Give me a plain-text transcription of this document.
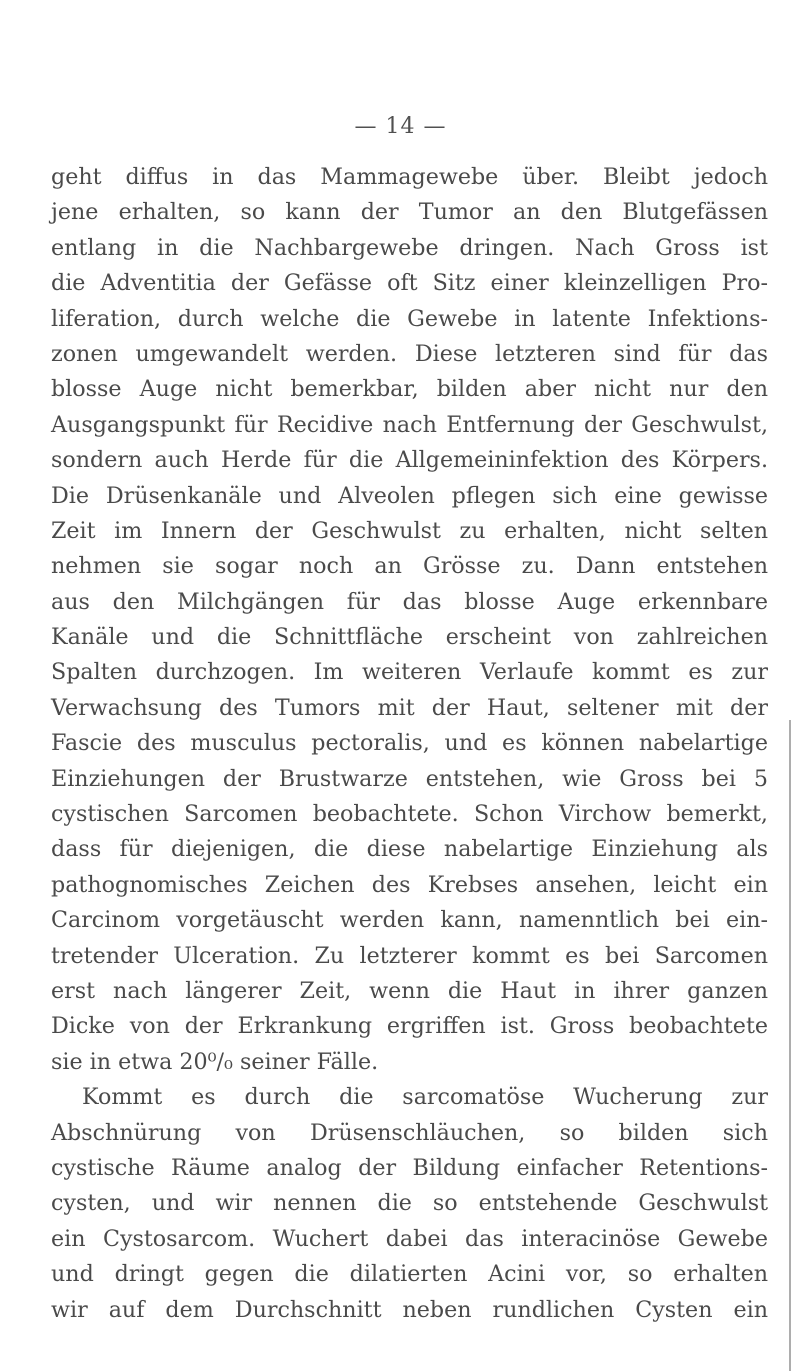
— 14 —
geht diffus in das Mammagewebe über. Bleibt jedoch
jene erhalten, so kann der Tumor an den Blutgefässen
entlang in die Nachbargewebe dringen. Nach Gross ist
die Adventitia der Gefässe oft Sitz einer kleinzelligen Pro-
liferation, durch welche die Gewebe in latente Infektions-
zonen umgewandelt werden. Diese letzteren sind für das
blosse Auge nicht bemerkbar, bilden aber nicht nur den
Ausgangspunkt für Recidive nach Entfernung der Geschwulst,
sondern auch Herde für die Allgemeininfektion des Körpers.
Die Drüsenkanäle und Alveolen pflegen sich eine gewisse
Zeit im Innern der Geschwulst zu erhalten, nicht selten
nehmen sie sogar noch an Grösse zu. Dann entstehen
aus den Milchgängen für das blosse Auge erkennbare
Kanäle und die Schnittfläche erscheint von zahlreichen
Spalten durchzogen. Im weiteren Verlaufe kommt es zur
Verwachsung des Tumors mit der Haut, seltener mit der
Fascie des musculus pectoralis, und es können nabelartige
Einziehungen der Brustwarze entstehen, wie Gross bei 5
cystischen Sarcomen beobachtete. Schon Virchow bemerkt,
dass für diejenigen, die diese nabelartige Einziehung als
pathognomisches Zeichen des Krebses ansehen, leicht ein
Carcinom vorgetäuscht werden kann, namenntlich bei ein-
tretender Ulceration. Zu letzterer kommt es bei Sarcomen
erst nach längerer Zeit, wenn die Haut in ihrer ganzen
Dicke von der Erkrankung ergriffen ist. Gross beobachtete
sie in etwa 20⁰/₀ seiner Fälle.
Kommt es durch die sarcomatöse Wucherung zur
Abschnürung von Drüsenschläuchen, so bilden sich
cystische Räume analog der Bildung einfacher Retentions-
cysten, und wir nennen die so entstehende Geschwulst
ein Cystosarcom. Wuchert dabei das interacinöse Gewebe
und dringt gegen die dilatierten Acini vor, so erhalten
wir auf dem Durchschnitt neben rundlichen Cysten ein
